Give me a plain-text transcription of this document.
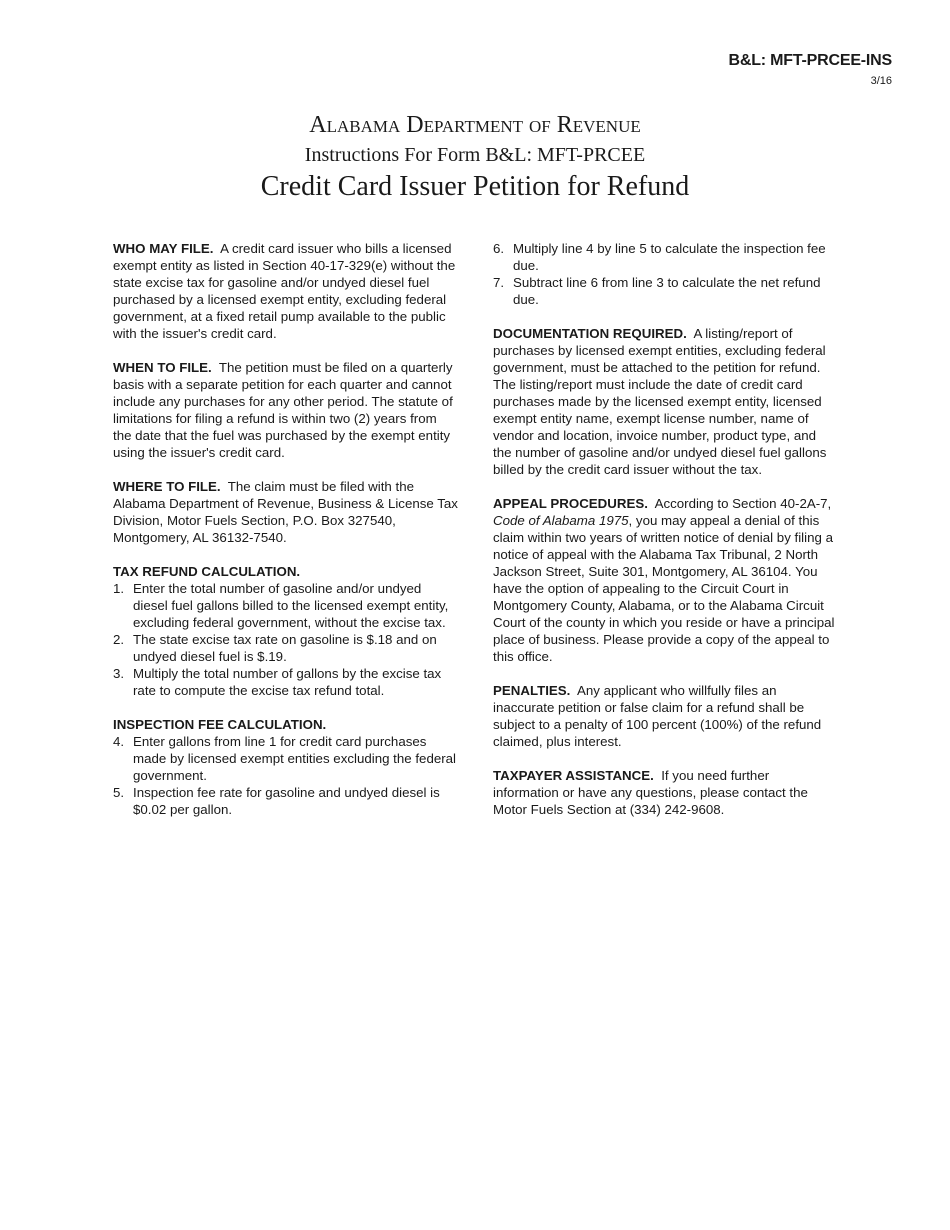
B&L: MFT-PRCEE-INS
3/16
Alabama Department of Revenue
Instructions For Form B&L: MFT-PRCEE
Credit Card Issuer Petition for Refund

WHO MAY FILE. A credit card issuer who bills a licensed exempt entity as listed in Section 40-17-329(e) without the state excise tax for gasoline and/or undyed diesel fuel purchased by a licensed exempt entity, excluding federal government, at a fixed retail pump available to the public with the issuer's credit card.

WHEN TO FILE. The petition must be filed on a quarterly basis with a separate petition for each quarter and cannot include any purchases for any other period. The statute of limitations for filing a refund is within two (2) years from the date that the fuel was purchased by the exempt entity using the issuer's credit card.

WHERE TO FILE. The claim must be filed with the Alabama Department of Revenue, Business & License Tax Division, Motor Fuels Section, P.O. Box 327540, Montgomery, AL 36132-7540.

TAX REFUND CALCULATION.

1. Enter the total number of gasoline and/or undyed diesel fuel gallons billed to the licensed exempt entity, excluding federal government, without the excise tax.
2. The state excise tax rate on gasoline is $.18 and on undyed diesel fuel is $.19.
3. Multiply the total number of gallons by the excise tax rate to compute the excise tax refund total.

INSPECTION FEE CALCULATION.

4. Enter gallons from line 1 for credit card purchases made by licensed exempt entities excluding the federal government.
5. Inspection fee rate for gasoline and undyed diesel is $0.02 per gallon.
6. Multiply line 4 by line 5 to calculate the inspection fee due.
7. Subtract line 6 from line 3 to calculate the net refund due.

DOCUMENTATION REQUIRED. A listing/report of purchases by licensed exempt entities, excluding federal government, must be attached to the petition for refund. The listing/report must include the date of credit card purchases made by the licensed exempt entity, licensed exempt entity name, exempt license number, name of vendor and location, invoice number, product type, and the number of gasoline and/or undyed diesel fuel gallons billed by the credit card issuer without the tax.

APPEAL PROCEDURES. According to Section 40-2A-7, Code of Alabama 1975, you may appeal a denial of this claim within two years of written notice of denial by filing a notice of appeal with the Alabama Tax Tribunal, 2 North Jackson Street, Suite 301, Montgomery, AL 36104. You have the option of appealing to the Circuit Court in Montgomery County, Alabama, or to the Alabama Circuit Court of the county in which you reside or have a principal place of business. Please provide a copy of the appeal to this office.

PENALTIES. Any applicant who willfully files an inaccurate petition or false claim for a refund shall be subject to a penalty of 100 percent (100%) of the refund claimed, plus interest.

TAXPAYER ASSISTANCE. If you need further information or have any questions, please contact the Motor Fuels Section at (334) 242-9608.
